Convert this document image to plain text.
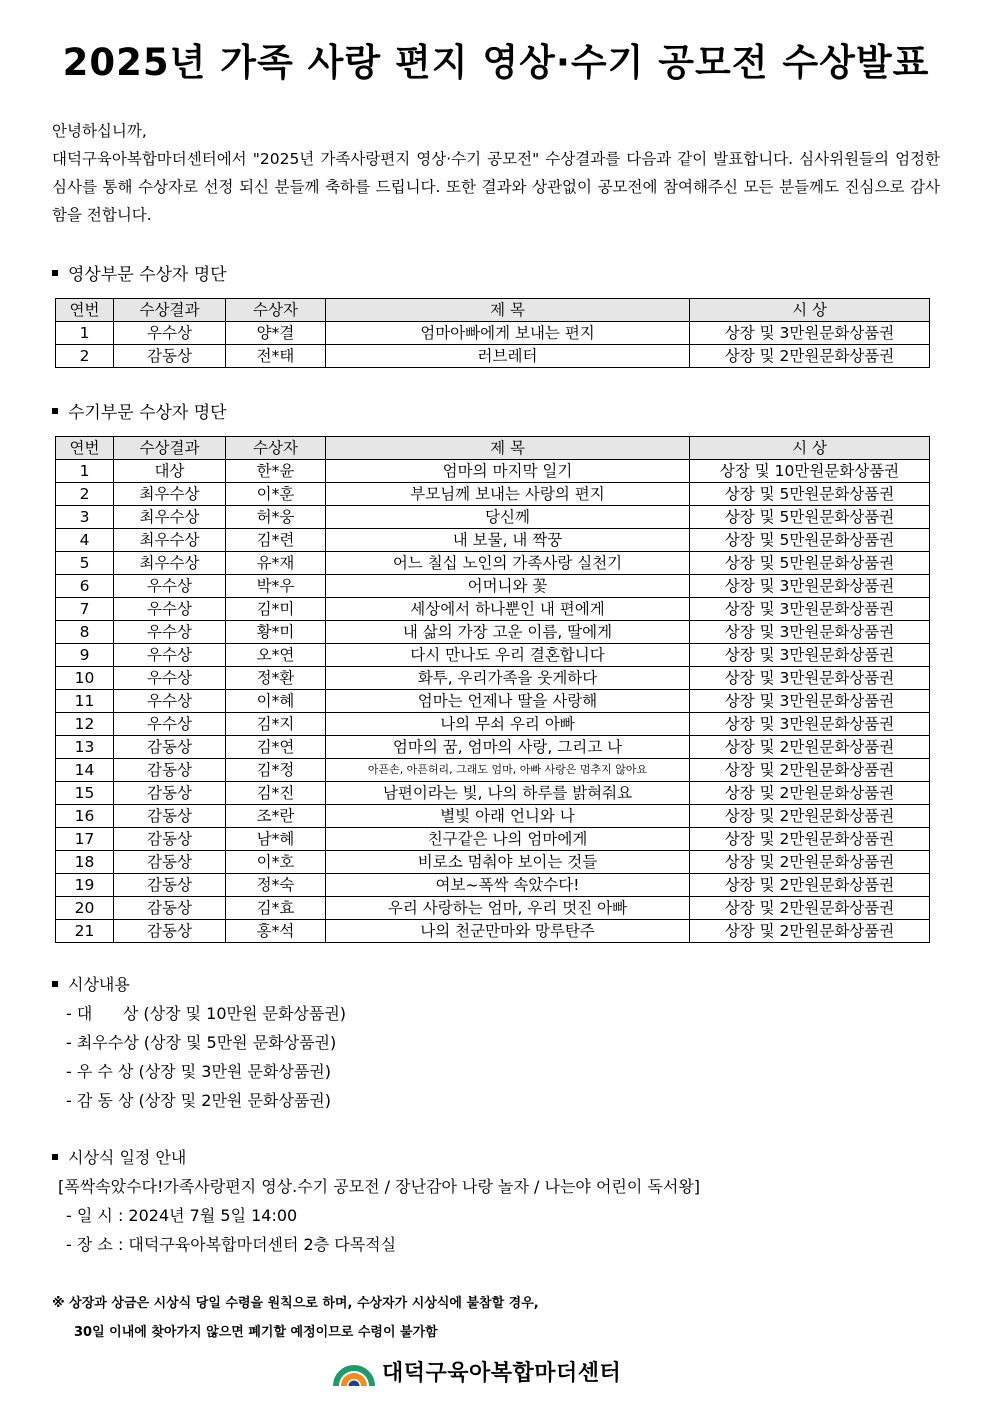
2025년 가족 사랑 편지 영상·수기 공모전 수상발표

안녕하십니까,

대덕구육아복합마더센터에서 "2025년 가족사랑편지 영상·수기 공모전" 수상결과를 다음과 같이 발표합니다. 심사위원들의 엄정한 심사를 통해 수상자로 선정 되신 분들께 축하를 드립니다. 또한 결과와 상관없이 공모전에 참여해주신 모든 분들께도 진심으로 감사함을 전합니다.

영상부문 수상자 명단
연번	수상결과	수상자	제 목	시 상
1	우수상	양*결	엄마아빠에게 보내는 편지	상장 및 3만원문화상품권
2	감동상	전*태	러브레터	상장 및 2만원문화상품권
수기부문 수상자 명단
연번	수상결과	수상자	제 목	시 상
1	대상	한*윤	엄마의 마지막 일기	상장 및 10만원문화상품권
2	최우수상	이*훈	부모님께 보내는 사랑의 편지	상장 및 5만원문화상품권
3	최우수상	허*웅	당신께	상장 및 5만원문화상품권
4	최우수상	김*련	내 보물, 내 짝꿍	상장 및 5만원문화상품권
5	최우수상	유*재	어느 칠십 노인의 가족사랑 실천기	상장 및 5만원문화상품권
6	우수상	박*우	어머니와 꽃	상장 및 3만원문화상품권
7	우수상	김*미	세상에서 하나뿐인 내 편에게	상장 및 3만원문화상품권
8	우수상	황*미	내 삶의 가장 고운 이름, 딸에게	상장 및 3만원문화상품권
9	우수상	오*연	다시 만나도 우리 결혼합니다	상장 및 3만원문화상품권
10	우수상	정*환	화투, 우리가족을 웃게하다	상장 및 3만원문화상품권
11	우수상	이*혜	엄마는 언제나 딸을 사랑해	상장 및 3만원문화상품권
12	우수상	김*지	나의 무쇠 우리 아빠	상장 및 3만원문화상품권
13	감동상	김*연	엄마의 꿈, 엄마의 사랑, 그리고 나	상장 및 2만원문화상품권
14	감동상	김*정	아픈손, 아픈허리, 그래도 엄마, 아빠 사랑은 멈추지 않아요	상장 및 2만원문화상품권
15	감동상	김*진	남편이라는 빛, 나의 하루를 밝혀줘요	상장 및 2만원문화상품권
16	감동상	조*란	별빛 아래 언니와 나	상장 및 2만원문화상품권
17	감동상	남*혜	친구같은 나의 엄마에게	상장 및 2만원문화상품권
18	감동상	이*호	비로소 멈춰야 보이는 것들	상장 및 2만원문화상품권
19	감동상	정*숙	여보~폭싹 속았수다!	상장 및 2만원문화상품권
20	감동상	김*효	우리 사랑하는 엄마, 우리 멋진 아빠	상장 및 2만원문화상품권
21	감동상	홍*석	나의 천군만마와 망루탄주	상장 및 2만원문화상품권
시상내용
- 대      상 (상장 및 10만원 문화상품권)
- 최우수상 (상장 및 5만원 문화상품권)
- 우 수 상 (상장 및 3만원 문화상품권)
- 감 동 상 (상장 및 2만원 문화상품권)
시상식 일정 안내
[폭싹속았수다!가족사랑편지 영상.수기 공모전 / 장난감아 나랑 놀자 / 나는야 어린이 독서왕]
- 일 시 : 2024년 7월 5일 14:00
- 장 소 : 대덕구육아복합마더센터 2층 다목적실
※ 상장과 상금은 시상식 당일 수령을 원칙으로 하며, 수상자가 시상식에 불참할 경우,
30일 이내에 찾아가지 않으면 폐기할 예정이므로 수령이 불가함
대덕구육아복합마더센터
